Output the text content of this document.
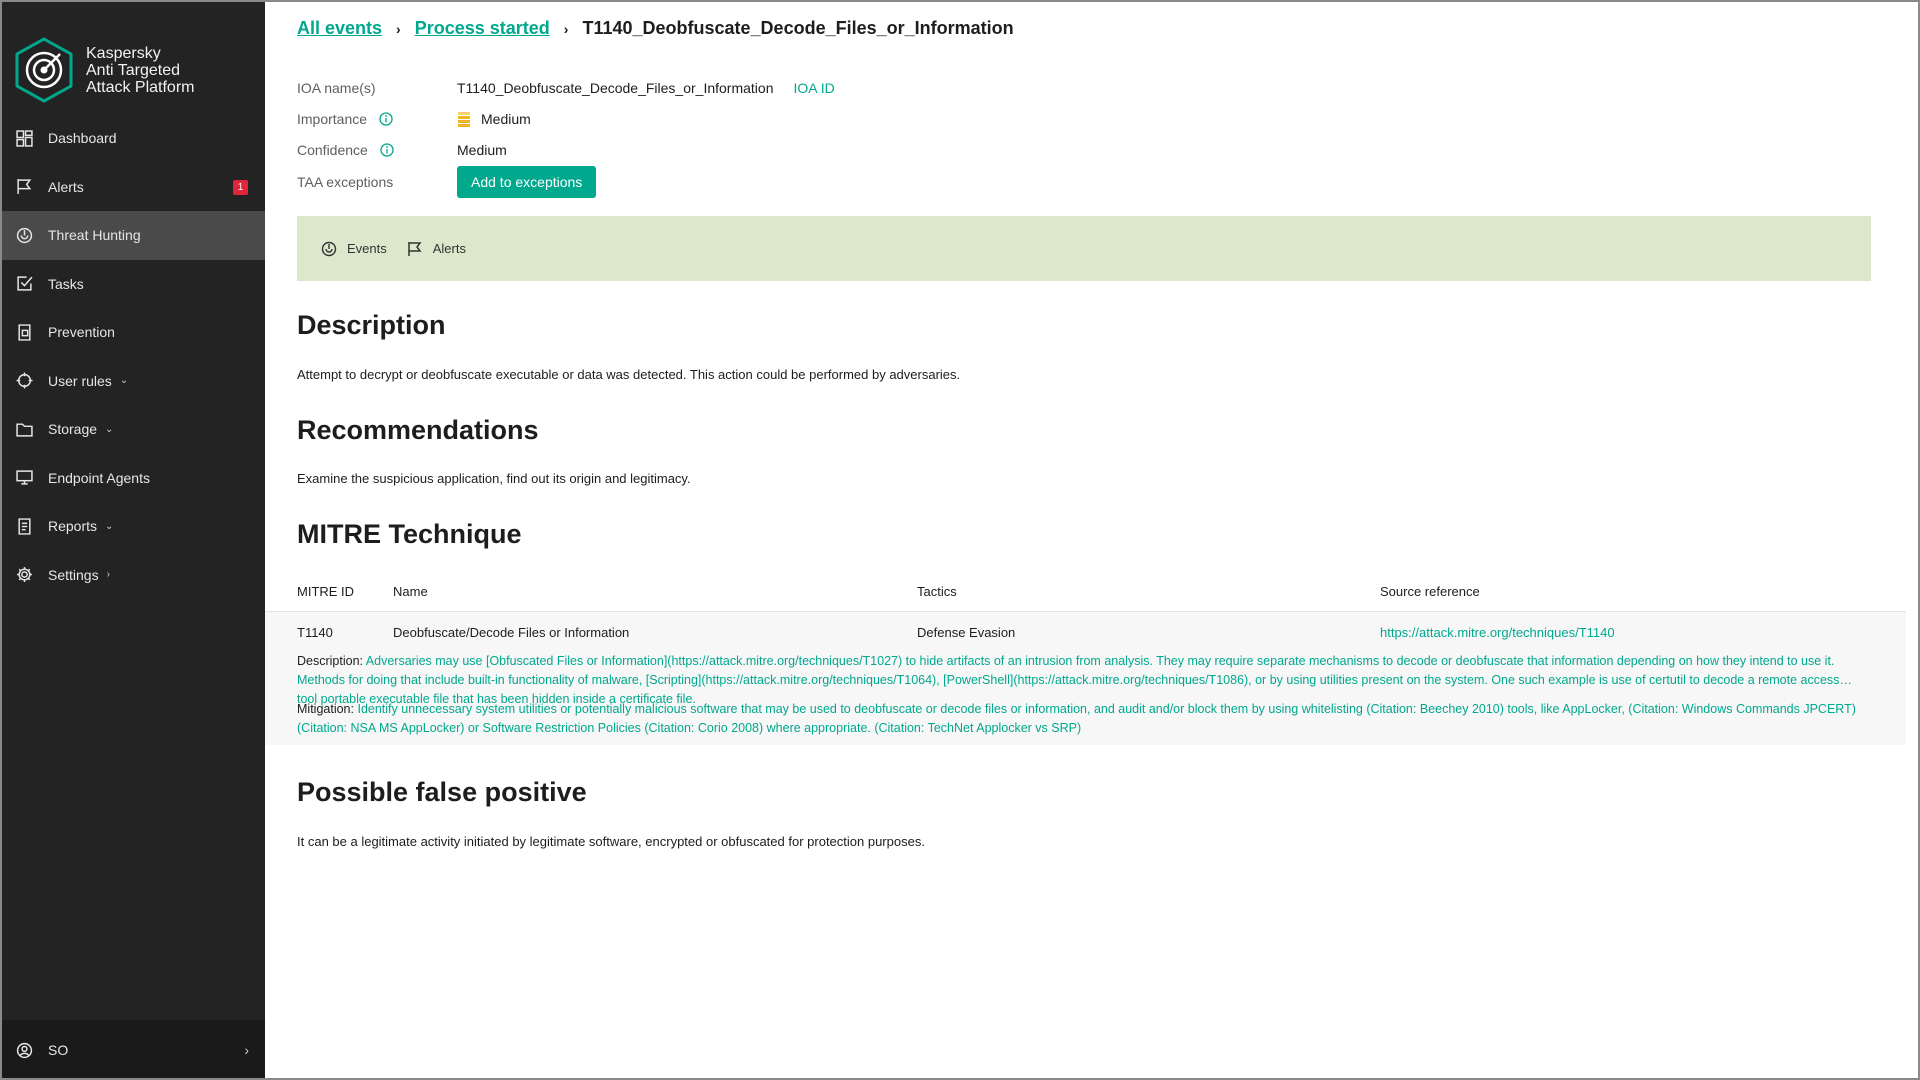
Kaspersky
Anti Targeted
Attack Platform
Dashboard
Alerts	1
Threat Hunting
Tasks
Prevention
User rules ⌄
Storage ⌄
Endpoint Agents
Reports ⌄
Settings ›
SO	›
All events › Process started › T1140_Deobfuscate_Decode_Files_or_Information
IOA name(s)	T1140_Deobfuscate_Decode_Files_or_Information IOA ID
Importance	Medium
Confidence	Medium
TAA exceptions	Add to exceptions
Events	Alerts
Description

Attempt to decrypt or deobfuscate executable or data was detected. This action could be performed by adversaries.

Recommendations

Examine the suspicious application, find out its origin and legitimacy.

MITRE Technique
MITRE ID	Name	Tactics	Source reference
T1140	Deobfuscate/Decode Files or Information	Defense Evasion	https://attack.mitre.org/techniques/T1140
Description: Adversaries may use [Obfuscated Files or Information](https://attack.mitre.org/techniques/T1027) to hide artifacts of an intrusion from analysis. They may require separate mechanisms to decode or deobfuscate that information depending on how they intend to use it. Methods for doing that include built-in functionality of malware, [Scripting](https://attack.mitre.org/techniques/T1064), [PowerShell](https://attack.mitre.org/techniques/T1086), or by using utilities present on the system. One such example is use of certutil to decode a remote access tool portable executable file that has been hidden inside a certificate file.
Mitigation: Identify unnecessary system utilities or potentially malicious software that may be used to deobfuscate or decode files or information, and audit and/or block them by using whitelisting (Citation: Beechey 2010) tools, like AppLocker, (Citation: Windows Commands JPCERT) (Citation: NSA MS AppLocker) or Software Restriction Policies (Citation: Corio 2008) where appropriate. (Citation: TechNet Applocker vs SRP)
Possible false positive

It can be a legitimate activity initiated by legitimate software, encrypted or obfuscated for protection purposes.
